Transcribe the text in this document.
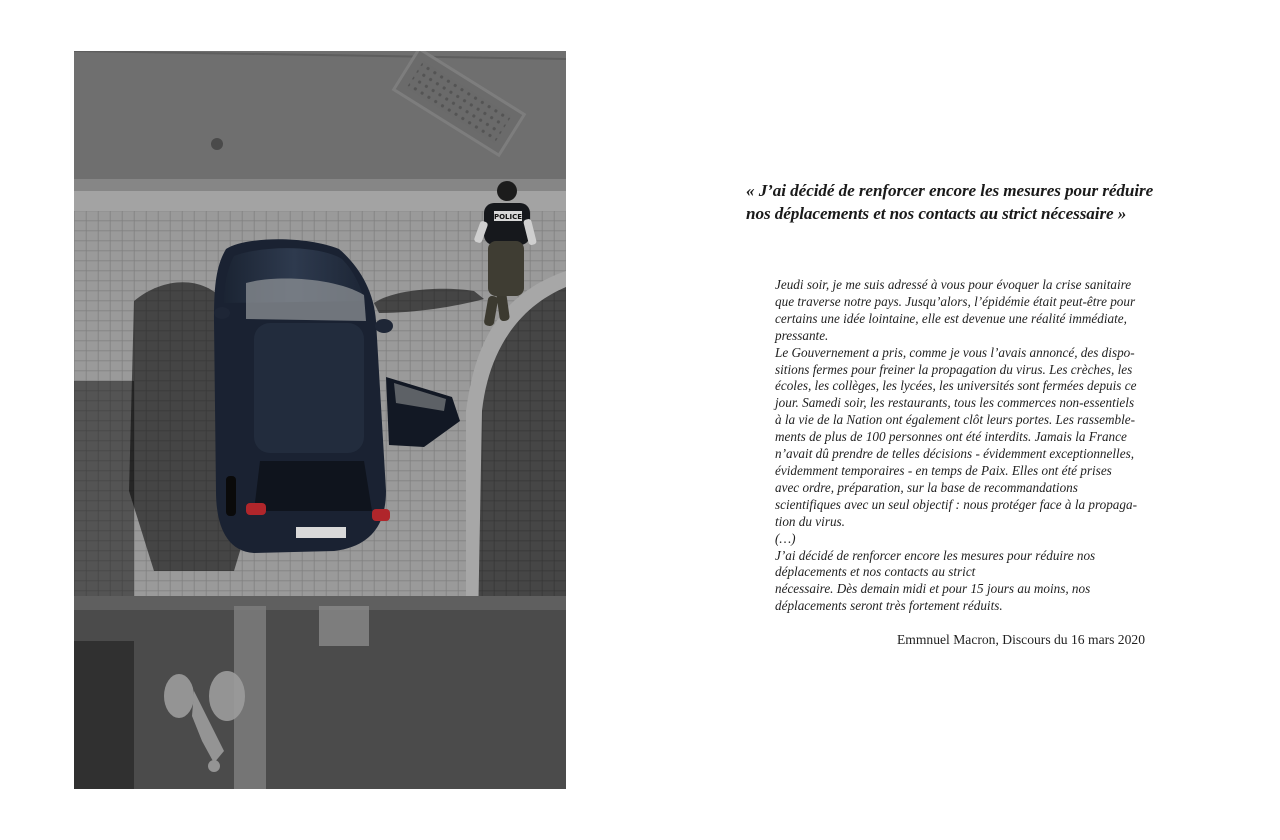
POLICE
« J’ai décidé de renforcer encore les mesures pour réduire
nos déplacements et nos contacts au strict nécessaire »
Jeudi soir, je me suis adressé à vous pour évoquer la crise sanitaire
que traverse notre pays. Jusqu’alors, l’épidémie était peut-être pour
certains une idée lointaine, elle est devenue une réalité immédiate,
pressante.
Le Gouvernement a pris, comme je vous l’avais annoncé, des dispo-
sitions fermes pour freiner la propagation du virus. Les crèches, les
écoles, les collèges, les lycées, les universités sont fermées depuis ce
jour. Samedi soir, les restaurants, tous les commerces non-essentiels
à la vie de la Nation ont également clôt leurs portes. Les rassemble-
ments de plus de 100 personnes ont été interdits. Jamais la France
n’avait dû prendre de telles décisions - évidemment exceptionnelles,
évidemment temporaires - en temps de Paix. Elles ont été prises
avec ordre, préparation, sur la base de recommandations
scientifiques avec un seul objectif : nous protéger face à la propaga-
tion du virus.
(…)
J’ai décidé de renforcer encore les mesures pour réduire nos
déplacements et nos contacts au strict
nécessaire. Dès demain midi et pour 15 jours au moins, nos
déplacements seront très fortement réduits.
Emmnuel Macron, Discours du 16 mars 2020
